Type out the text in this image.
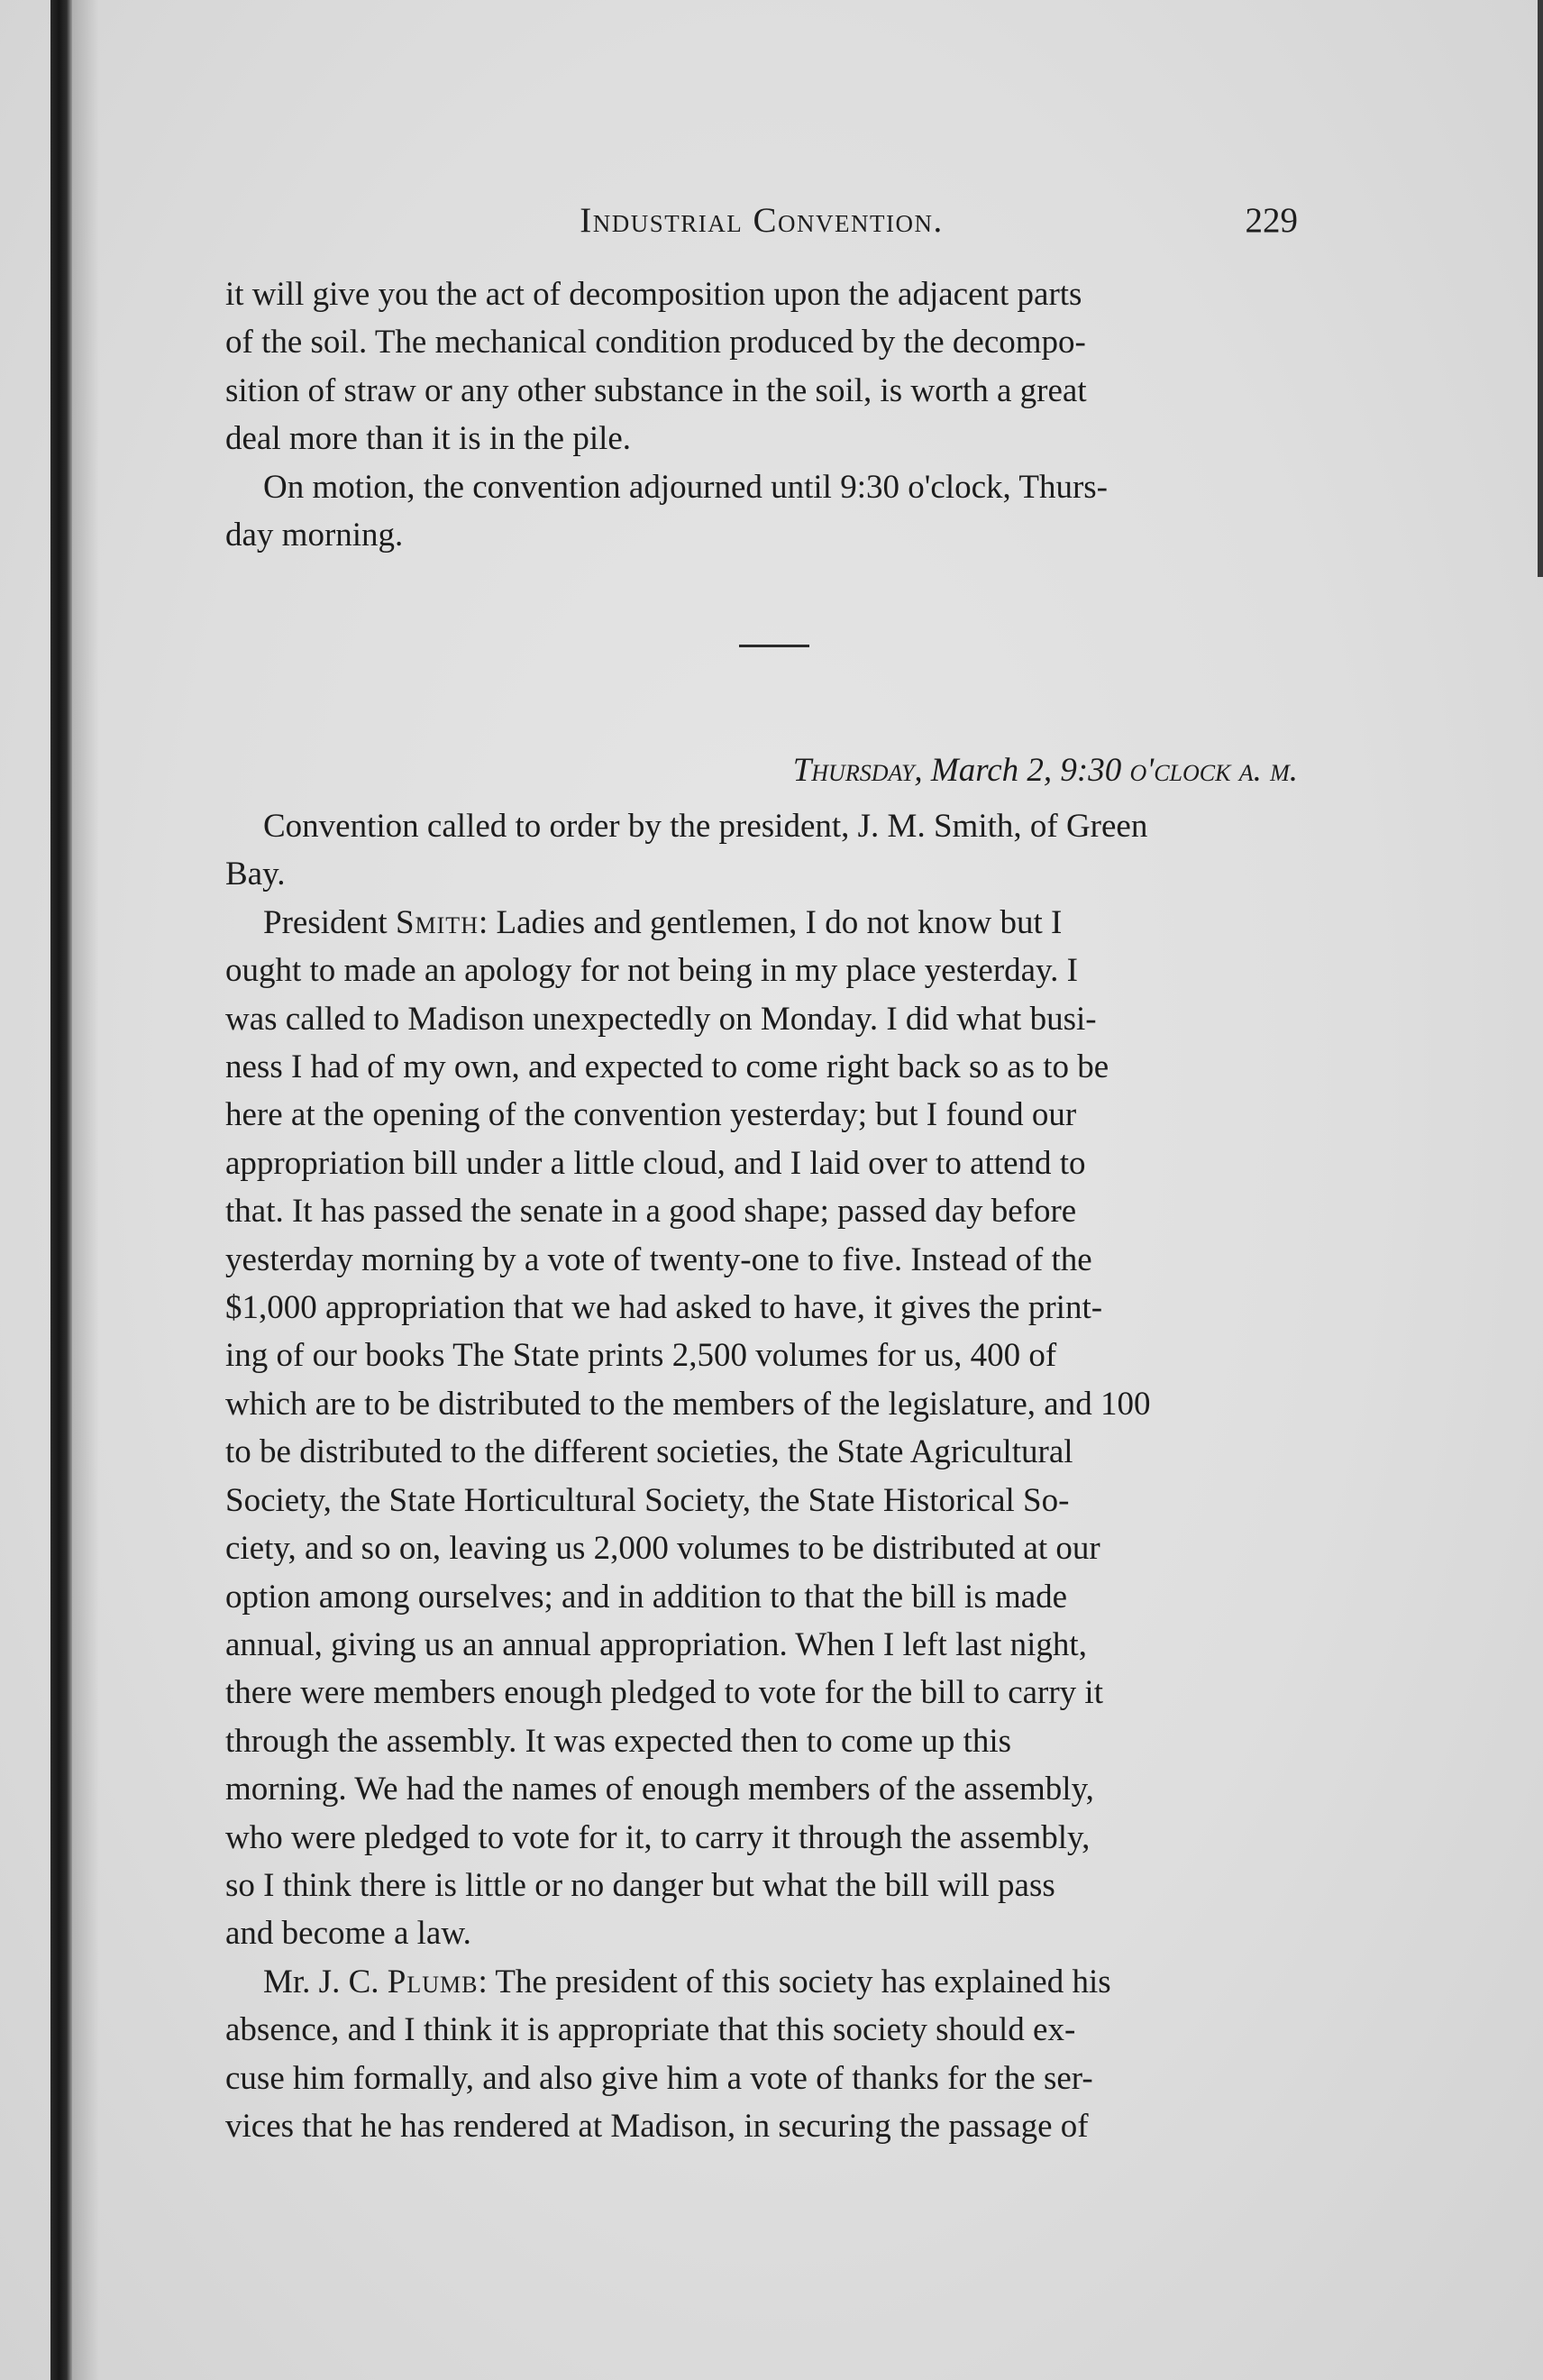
Industrial Convention.	229

it will give you the act of decomposition upon the adjacent parts
of the soil. The mechanical condition produced by the decompo-
sition of straw or any other substance in the soil, is worth a great
deal more than it is in the pile.

On motion, the convention adjourned until 9:30 o'clock, Thurs-
day morning.

Thursday, March 2, 9:30 o'clock a. m.

Convention called to order by the president, J. M. Smith, of Green
Bay.

President Smith: Ladies and gentlemen, I do not know but I
ought to made an apology for not being in my place yesterday. I
was called to Madison unexpectedly on Monday. I did what busi-
ness I had of my own, and expected to come right back so as to be
here at the opening of the convention yesterday; but I found our
appropriation bill under a little cloud, and I laid over to attend to
that. It has passed the senate in a good shape; passed day before
yesterday morning by a vote of twenty-one to five. Instead of the
$1,000 appropriation that we had asked to have, it gives the print-
ing of our books The State prints 2,500 volumes for us, 400 of
which are to be distributed to the members of the legislature, and 100
to be distributed to the different societies, the State Agricultural
Society, the State Horticultural Society, the State Historical So-
ciety, and so on, leaving us 2,000 volumes to be distributed at our
option among ourselves; and in addition to that the bill is made
annual, giving us an annual appropriation. When I left last night,
there were members enough pledged to vote for the bill to carry it
through the assembly. It was expected then to come up this
morning. We had the names of enough members of the assembly,
who were pledged to vote for it, to carry it through the assembly,
so I think there is little or no danger but what the bill will pass
and become a law.

Mr. J. C. Plumb: The president of this society has explained his
absence, and I think it is appropriate that this society should ex-
cuse him formally, and also give him a vote of thanks for the ser-
vices that he has rendered at Madison, in securing the passage of
